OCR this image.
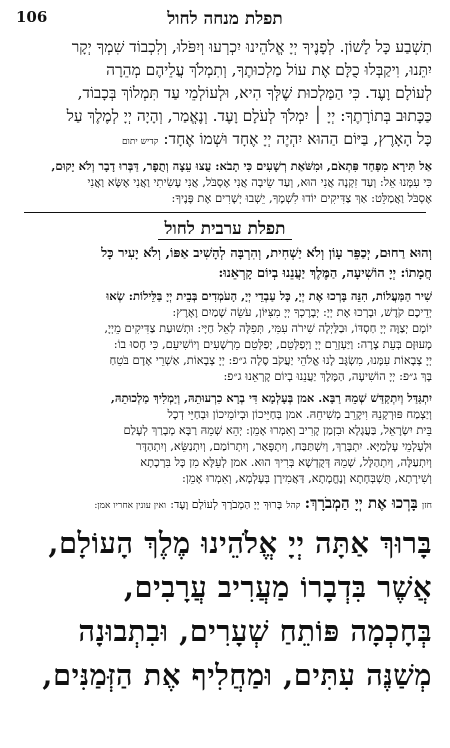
106	תפלת מנחה לחול
תִשְׁבַע כָּל לָשׁוֹן. לְפָנֶיךָ יְיָ אֱלֹהֵינוּ יִכְרְעוּ וְיִפֹּלוּ, וְלִכְבוֹד שִׁמְךָ יְקָר
יִתֵּנוּ, וִיקַבְּלוּ כֻלָּם אֶת עוֹל מַלְכוּתֶךָ, וְתִמְלֹךְ עֲלֵיהֶם מְהֵרָה
לְעוֹלָם וָעֶד. כִּי הַמַּלְכוּת שֶׁלְּךָ הִיא, וּלְעוֹלְמֵי עַד תִּמְלוֹךְ בְּכָבוֹד,
כַּכָּתוּב בְּתוֹרָתֶךָ: יְיָ ׀ יִמְלֹךְ לְעֹלָם וָעֶד. וְנֶאֱמַר, וְהָיָה יְיָ לְמֶלֶךְ עַל
כָּל הָאָרֶץ, בַּיּוֹם הַהוּא יִהְיֶה יְיָ אֶחָד וּשְׁמוֹ אֶחָד: קדיש יתום
אַל תִּירָא מִפַּחַד פִּתְאֹם, וּמִשֹּׁאַת רְשָׁעִים כִּי תָבֹא: עֻצוּ עֵצָה וְתֻפָר, דַּבְּרוּ דָבָר וְלֹא יָקוּם,
כִּי עִמָּנוּ אֵל: וְעַד זִקְנָה אֲנִי הוּא, וְעַד שֵׂיבָה אֲנִי אֶסְבֹּל, אֲנִי עָשִׂיתִי וַאֲנִי אֶשָּׂא וַאֲנִי
אֶסְבֹּל וַאֲמַלֵּט: אַךְ צַדִּיקִים יוֹדוּ לִשְׁמֶךָ, יֵשְׁבוּ יְשָׁרִים אֶת פָּנֶיךָ:
תפלת ערבית לחול
וְהוּא רַחוּם, יְכַפֵּר עָוֹן וְלֹא יַשְׁחִית, וְהִרְבָּה לְהָשִׁיב אַפּוֹ, וְלֹא יָעִיר כָּל
חֲמָתוֹ: יְיָ הוֹשִׁיעָה, הַמֶּלֶךְ יַעֲנֵנוּ בְיוֹם קָרְאֵנוּ:
שִׁיר הַמַּעֲלוֹת, הִנֵּה בָּרְכוּ אֶת יְיָ, כָּל עַבְדֵי יְיָ, הָעֹמְדִים בְּבֵית יְיָ בַּלֵּילוֹת: שְׂאוּ
יְדֵיכֶם קֹדֶשׁ, וּבָרְכוּ אֶת יְיָ: יְבָרֶכְךָ יְיָ מִצִּיּוֹן, עֹשֵׂה שָׁמַיִם וָאָרֶץ:
יוֹמָם יְצַוֶּה יְיָ חַסְדּוֹ, וּבַלַּיְלָה שִׁירֹה עִמִּי, תְּפִלָּה לְאֵל חַיָּי: וּתְשׁוּעַת צַדִּיקִים מֵיְיָ,
מָעוּזָּם בְּעֵת צָרָה: וַיַּעְזְרֵם יְיָ וַיְפַלְּטֵם, יְפַלְּטֵם מֵרְשָׁעִים וְיוֹשִׁיעֵם, כִּי חָסוּ בוֹ:
יְיָ צְבָאוֹת עִמָּנוּ, מִשְׂגָּב לָנוּ אֱלֹהֵי יַעֲקֹב סֶלָה ג״פ: יְיָ צְבָאוֹת, אַשְׁרֵי אָדָם בֹּטֵחַ
בָּךְ ג״פ: יְיָ הוֹשִׁיעָה, הַמֶּלֶךְ יַעֲנֵנוּ בְיוֹם קָרְאֵנוּ ג״פ:
יִתְגַּדַּל וְיִתְקַדַּשׁ שְׁמֵהּ רַבָּא. אמן בְּעָלְמָא דִּי בְרָא כִרְעוּתֵהּ, וְיַמְלִיךְ מַלְכוּתֵהּ,
וְיַצְמַח פּוּרְקָנֵהּ וִיקָרֵב מְשִׁיחֵהּ. אמן בְּחַיֵּיכוֹן וּבְיוֹמֵיכוֹן וּבְחַיֵּי דְכָל
בֵּית יִשְׂרָאֵל, בַּעֲגָלָא וּבִזְמַן קָרִיב וְאִמְרוּ אָמֵן: יְהֵא שְׁמֵהּ רַבָּא מְבָרַךְ לְעָלַם
וּלְעָלְמֵי עָלְמַיָּא. יִתְבָּרַךְ, וְיִשְׁתַּבַּח, וְיִתְפָּאַר, וְיִתְרוֹמַם, וְיִתְנַשֵּׂא, וְיִתְהַדָּר
וְיִתְעַלֶּה, וְיִתְהַלָּל, שְׁמֵהּ דְּקֻדְשָׁא בְּרִיךְ הוּא. אמן לְעֵלָּא מִן כָּל בִּרְכָתָא
וְשִׁירָתָא, תֻּשְׁבְּחָתָא וְנֶחֱמָתָא, דַּאֲמִירָן בְּעָלְמָא, וְאִמְרוּ אָמֵן:
חזן בָּרְכוּ אֶת יְיָ הַמְבֹרָךְ: קהל בָּרוּךְ יְיָ הַמְבֹרָךְ לְעוֹלָם וָעֶד: ואין עונין אחריו אמן:
בָּרוּךְ אַתָּה יְיָ אֱלֹהֵינוּ מֶלֶךְ הָעוֹלָם,
אֲשֶׁר בִּדְבָרוֹ מַעֲרִיב עֲרָבִים,
בְּחָכְמָה פּוֹתֵחַ שְׁעָרִים, וּבִתְבוּנָה
מְשַׁנֶּה עִתִּים, וּמַחֲלִיף אֶת הַזְּמַנִּים,
